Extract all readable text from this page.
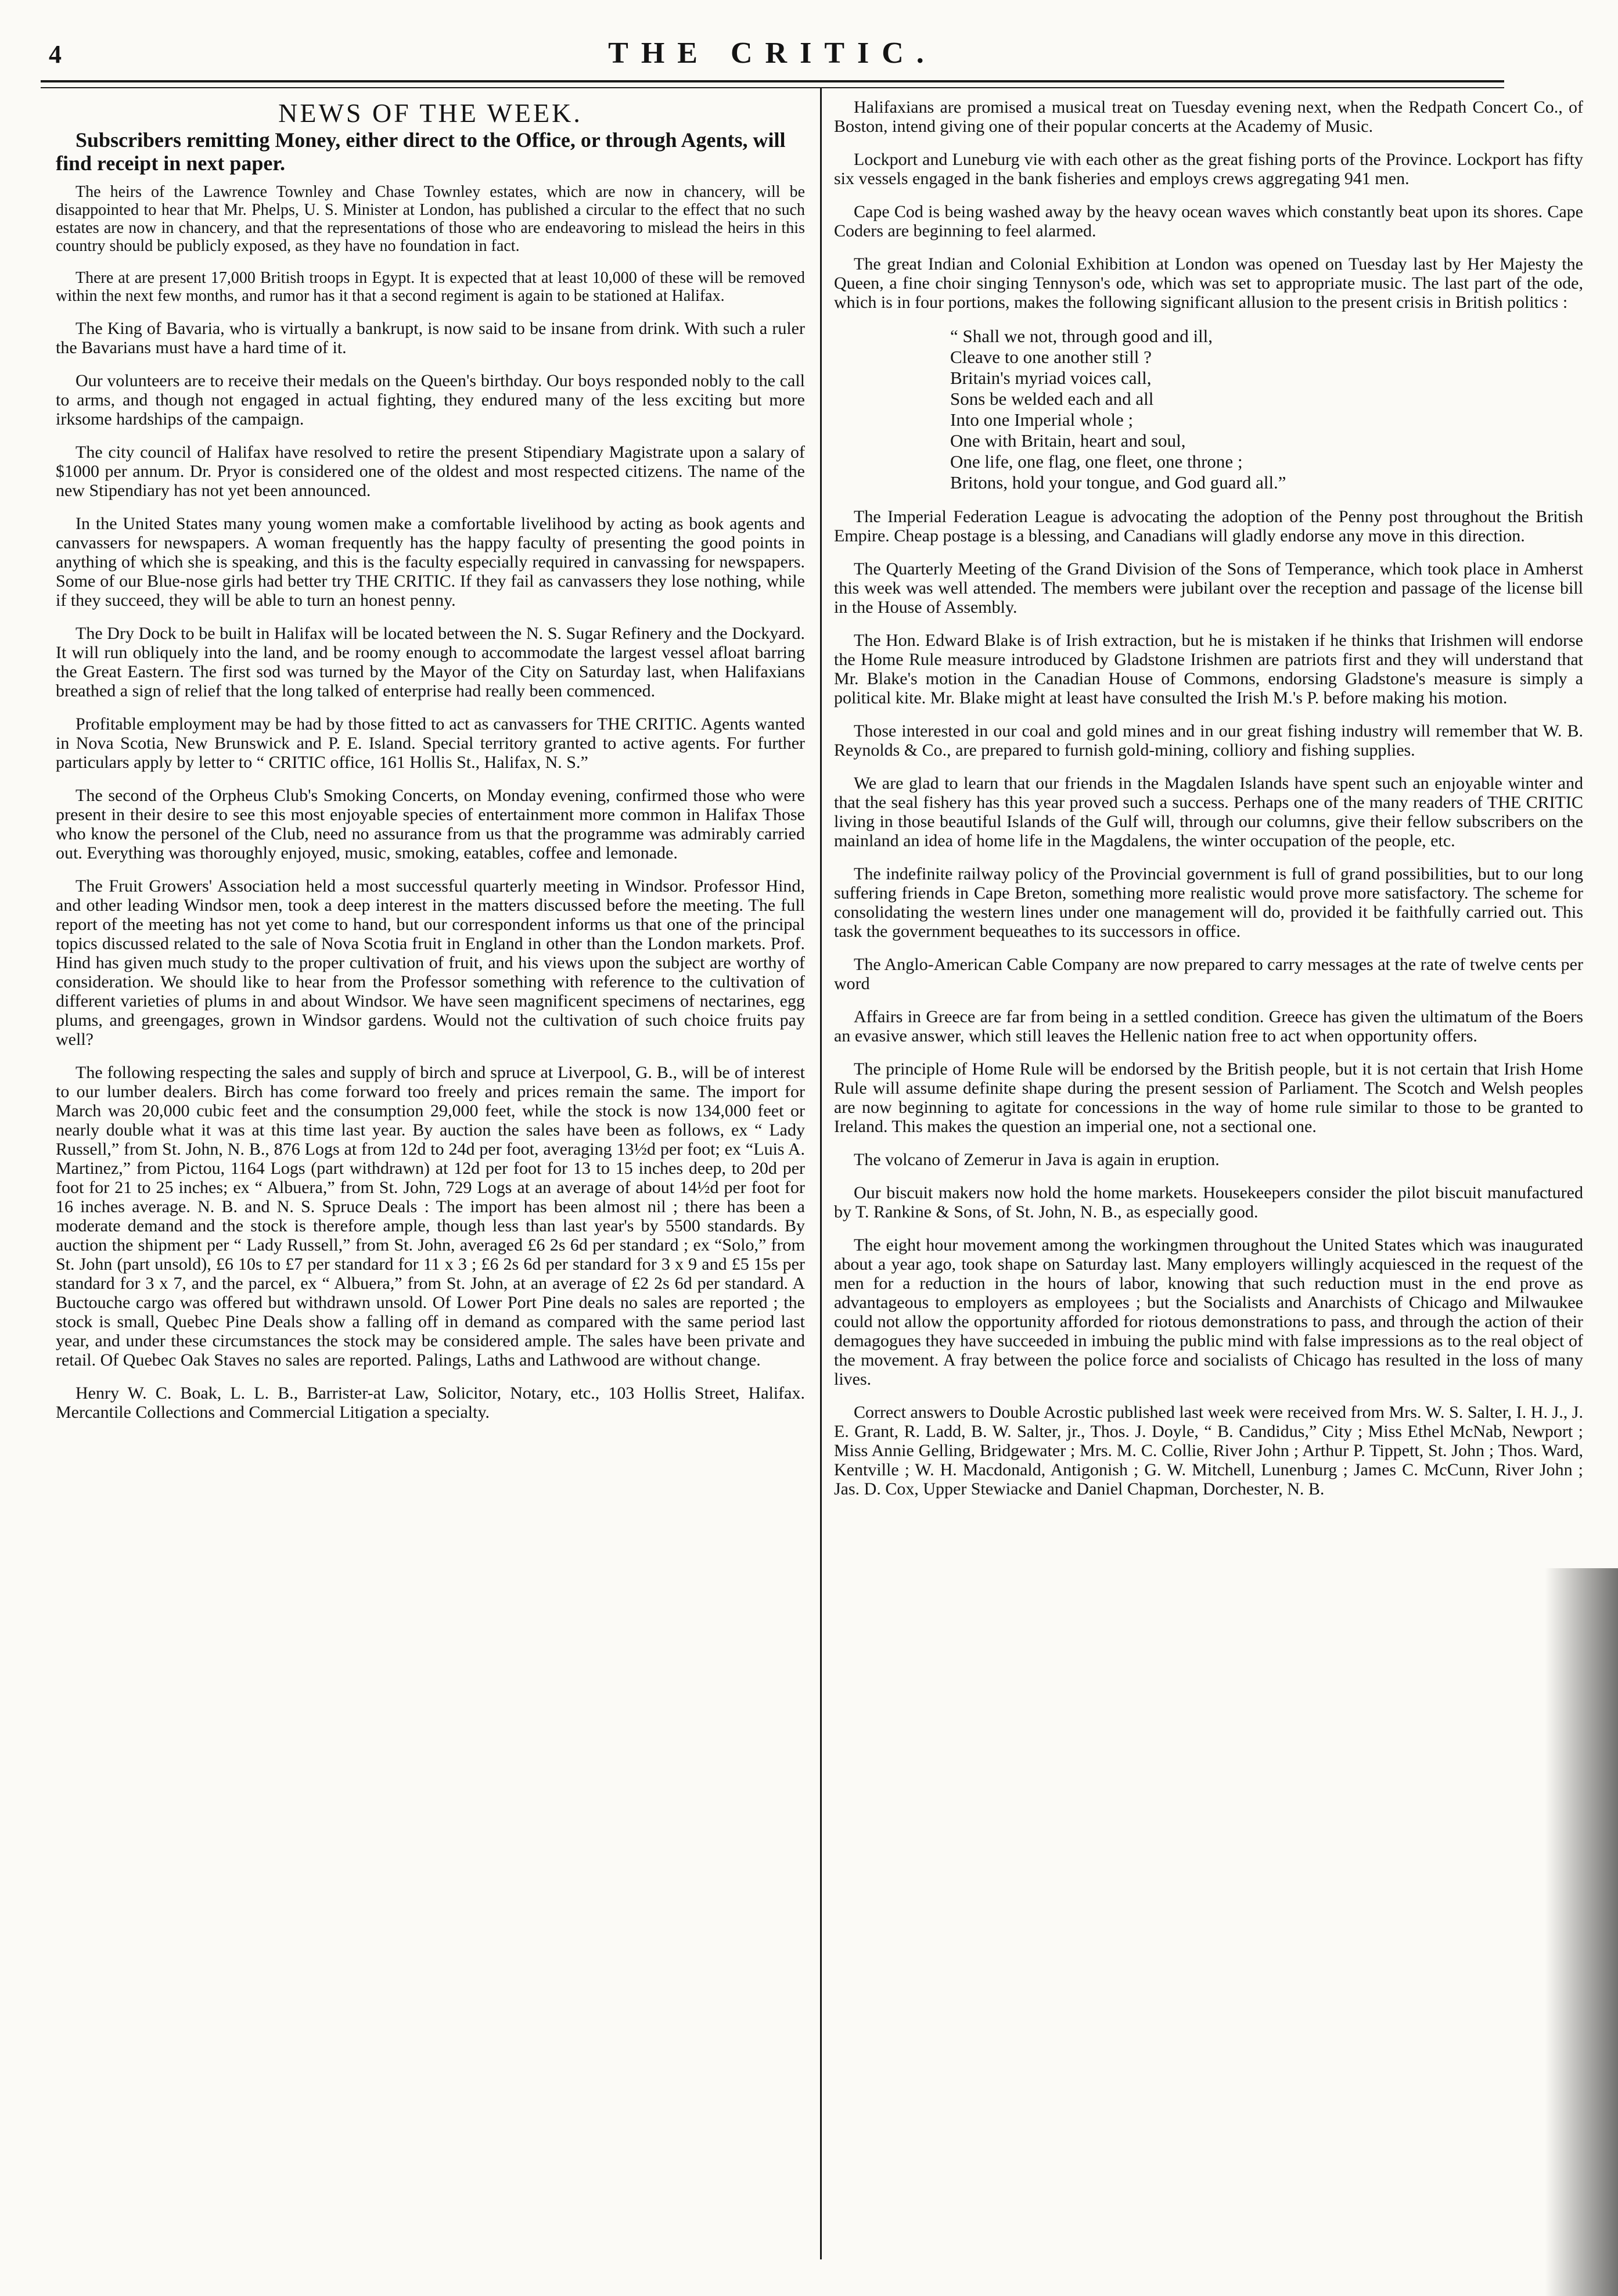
4	THE CRITIC.
NEWS OF THE WEEK.

Subscribers remitting Money, either direct to the Office, or through Agents, will find receipt in next paper.

The heirs of the Lawrence Townley and Chase Townley estates, which are now in chancery, will be disappointed to hear that Mr. Phelps, U. S. Minister at London, has published a circular to the effect that no such estates are now in chancery, and that the representations of those who are endeavoring to mislead the heirs in this country should be publicly exposed, as they have no foundation in fact.

There at are present 17,000 British troops in Egypt. It is expected that at least 10,000 of these will be removed within the next few months, and rumor has it that a second regiment is again to be stationed at Halifax.

The King of Bavaria, who is virtually a bankrupt, is now said to be insane from drink. With such a ruler the Bavarians must have a hard time of it.

Our volunteers are to receive their medals on the Queen's birthday. Our boys responded nobly to the call to arms, and though not engaged in actual fighting, they endured many of the less exciting but more irksome hardships of the campaign.

The city council of Halifax have resolved to retire the present Stipendiary Magistrate upon a salary of $1000 per annum. Dr. Pryor is considered one of the oldest and most respected citizens. The name of the new Stipendiary has not yet been announced.

In the United States many young women make a comfortable livelihood by acting as book agents and canvassers for newspapers. A woman frequently has the happy faculty of presenting the good points in anything of which she is speaking, and this is the faculty especially required in canvassing for newspapers. Some of our Blue-nose girls had better try THE CRITIC. If they fail as canvassers they lose nothing, while if they succeed, they will be able to turn an honest penny.

The Dry Dock to be built in Halifax will be located between the N. S. Sugar Refinery and the Dockyard. It will run obliquely into the land, and be roomy enough to accommodate the largest vessel afloat barring the Great Eastern. The first sod was turned by the Mayor of the City on Saturday last, when Halifaxians breathed a sign of relief that the long talked of enterprise had really been commenced.

Profitable employment may be had by those fitted to act as canvassers for THE CRITIC. Agents wanted in Nova Scotia, New Brunswick and P. E. Island. Special territory granted to active agents. For further particulars apply by letter to “ CRITIC office, 161 Hollis St., Halifax, N. S.”

The second of the Orpheus Club's Smoking Concerts, on Monday evening, confirmed those who were present in their desire to see this most enjoyable species of entertainment more common in Halifax Those who know the personel of the Club, need no assurance from us that the programme was admirably carried out. Everything was thoroughly enjoyed, music, smoking, eatables, coffee and lemonade.

The Fruit Growers' Association held a most successful quarterly meeting in Windsor. Professor Hind, and other leading Windsor men, took a deep interest in the matters discussed before the meeting. The full report of the meeting has not yet come to hand, but our correspondent informs us that one of the principal topics discussed related to the sale of Nova Scotia fruit in England in other than the London markets. Prof. Hind has given much study to the proper cultivation of fruit, and his views upon the subject are worthy of consideration. We should like to hear from the Professor something with reference to the cultivation of different varieties of plums in and about Windsor. We have seen magnificent specimens of nectarines, egg plums, and greengages, grown in Windsor gardens. Would not the cultivation of such choice fruits pay well?

The following respecting the sales and supply of birch and spruce at Liverpool, G. B., will be of interest to our lumber dealers. Birch has come forward too freely and prices remain the same. The import for March was 20,000 cubic feet and the consumption 29,000 feet, while the stock is now 134,000 feet or nearly double what it was at this time last year. By auction the sales have been as follows, ex “ Lady Russell,” from St. John, N. B., 876 Logs at from 12d to 24d per foot, averaging 13½d per foot; ex “Luis A. Martinez,” from Pictou, 1164 Logs (part withdrawn) at 12d per foot for 13 to 15 inches deep, to 20d per foot for 21 to 25 inches; ex “ Albuera,” from St. John, 729 Logs at an average of about 14½d per foot for 16 inches average. N. B. and N. S. Spruce Deals : The import has been almost nil ; there has been a moderate demand and the stock is therefore ample, though less than last year's by 5500 standards. By auction the shipment per “ Lady Russell,” from St. John, averaged £6 2s 6d per standard ; ex “Solo,” from St. John (part unsold), £6 10s to £7 per standard for 11 x 3 ; £6 2s 6d per standard for 3 x 9 and £5 15s per standard for 3 x 7, and the parcel, ex “ Albuera,” from St. John, at an average of £2 2s 6d per standard. A Buctouche cargo was offered but withdrawn unsold. Of Lower Port Pine deals no sales are reported ; the stock is small, Quebec Pine Deals show a falling off in demand as compared with the same period last year, and under these circumstances the stock may be considered ample. The sales have been private and retail. Of Quebec Oak Staves no sales are reported. Palings, Laths and Lathwood are without change.

Henry W. C. Boak, L. L. B., Barrister-at Law, Solicitor, Notary, etc., 103 Hollis Street, Halifax. Mercantile Collections and Commercial Litigation a specialty.

Halifaxians are promised a musical treat on Tuesday evening next, when the Redpath Concert Co., of Boston, intend giving one of their popular concerts at the Academy of Music.

Lockport and Luneburg vie with each other as the great fishing ports of the Province. Lockport has fifty six vessels engaged in the bank fisheries and employs crews aggregating 941 men.

Cape Cod is being washed away by the heavy ocean waves which constantly beat upon its shores. Cape Coders are beginning to feel alarmed.

The great Indian and Colonial Exhibition at London was opened on Tuesday last by Her Majesty the Queen, a fine choir singing Tennyson's ode, which was set to appropriate music. The last part of the ode, which is in four portions, makes the following significant allusion to the present crisis in British politics :

“ Shall we not, through good and ill,
Cleave to one another still ?
Britain's myriad voices call,
Sons be welded each and all
Into one Imperial whole ;
One with Britain, heart and soul,
One life, one flag, one fleet, one throne ;
Britons, hold your tongue, and God guard all.”

The Imperial Federation League is advocating the adoption of the Penny post throughout the British Empire. Cheap postage is a blessing, and Canadians will gladly endorse any move in this direction.

The Quarterly Meeting of the Grand Division of the Sons of Temperance, which took place in Amherst this week was well attended. The members were jubilant over the reception and passage of the license bill in the House of Assembly.

The Hon. Edward Blake is of Irish extraction, but he is mistaken if he thinks that Irishmen will endorse the Home Rule measure introduced by Gladstone Irishmen are patriots first and they will understand that Mr. Blake's motion in the Canadian House of Commons, endorsing Gladstone's measure is simply a political kite. Mr. Blake might at least have consulted the Irish M.'s P. before making his motion.

Those interested in our coal and gold mines and in our great fishing industry will remember that W. B. Reynolds & Co., are prepared to furnish gold-mining, colliory and fishing supplies.

We are glad to learn that our friends in the Magdalen Islands have spent such an enjoyable winter and that the seal fishery has this year proved such a success. Perhaps one of the many readers of THE CRITIC living in those beautiful Islands of the Gulf will, through our columns, give their fellow subscribers on the mainland an idea of home life in the Magdalens, the winter occupation of the people, etc.

The indefinite railway policy of the Provincial government is full of grand possibilities, but to our long suffering friends in Cape Breton, something more realistic would prove more satisfactory. The scheme for consolidating the western lines under one management will do, provided it be faithfully carried out. This task the government bequeathes to its successors in office.

The Anglo-American Cable Company are now prepared to carry messages at the rate of twelve cents per word

Affairs in Greece are far from being in a settled condition. Greece has given the ultimatum of the Boers an evasive answer, which still leaves the Hellenic nation free to act when opportunity offers.

The principle of Home Rule will be endorsed by the British people, but it is not certain that Irish Home Rule will assume definite shape during the present session of Parliament. The Scotch and Welsh peoples are now beginning to agitate for concessions in the way of home rule similar to those to be granted to Ireland. This makes the question an imperial one, not a sectional one.

The volcano of Zemerur in Java is again in eruption.

Our biscuit makers now hold the home markets. Housekeepers consider the pilot biscuit manufactured by T. Rankine & Sons, of St. John, N. B., as especially good.

The eight hour movement among the workingmen throughout the United States which was inaugurated about a year ago, took shape on Saturday last. Many employers willingly acquiesced in the request of the men for a reduction in the hours of labor, knowing that such reduction must in the end prove as advantageous to employers as employees ; but the Socialists and Anarchists of Chicago and Milwaukee could not allow the opportunity afforded for riotous demonstrations to pass, and through the action of their demagogues they have succeeded in imbuing the public mind with false impressions as to the real object of the movement. A fray between the police force and socialists of Chicago has resulted in the loss of many lives.

Correct answers to Double Acrostic published last week were received from Mrs. W. S. Salter, I. H. J., J. E. Grant, R. Ladd, B. W. Salter, jr., Thos. J. Doyle, “ B. Candidus,” City ; Miss Ethel McNab, Newport ; Miss Annie Gelling, Bridgewater ; Mrs. M. C. Collie, River John ; Arthur P. Tippett, St. John ; Thos. Ward, Kentville ; W. H. Macdonald, Antigonish ; G. W. Mitchell, Lunenburg ; James C. McCunn, River John ; Jas. D. Cox, Upper Stewiacke and Daniel Chapman, Dorchester, N. B.
